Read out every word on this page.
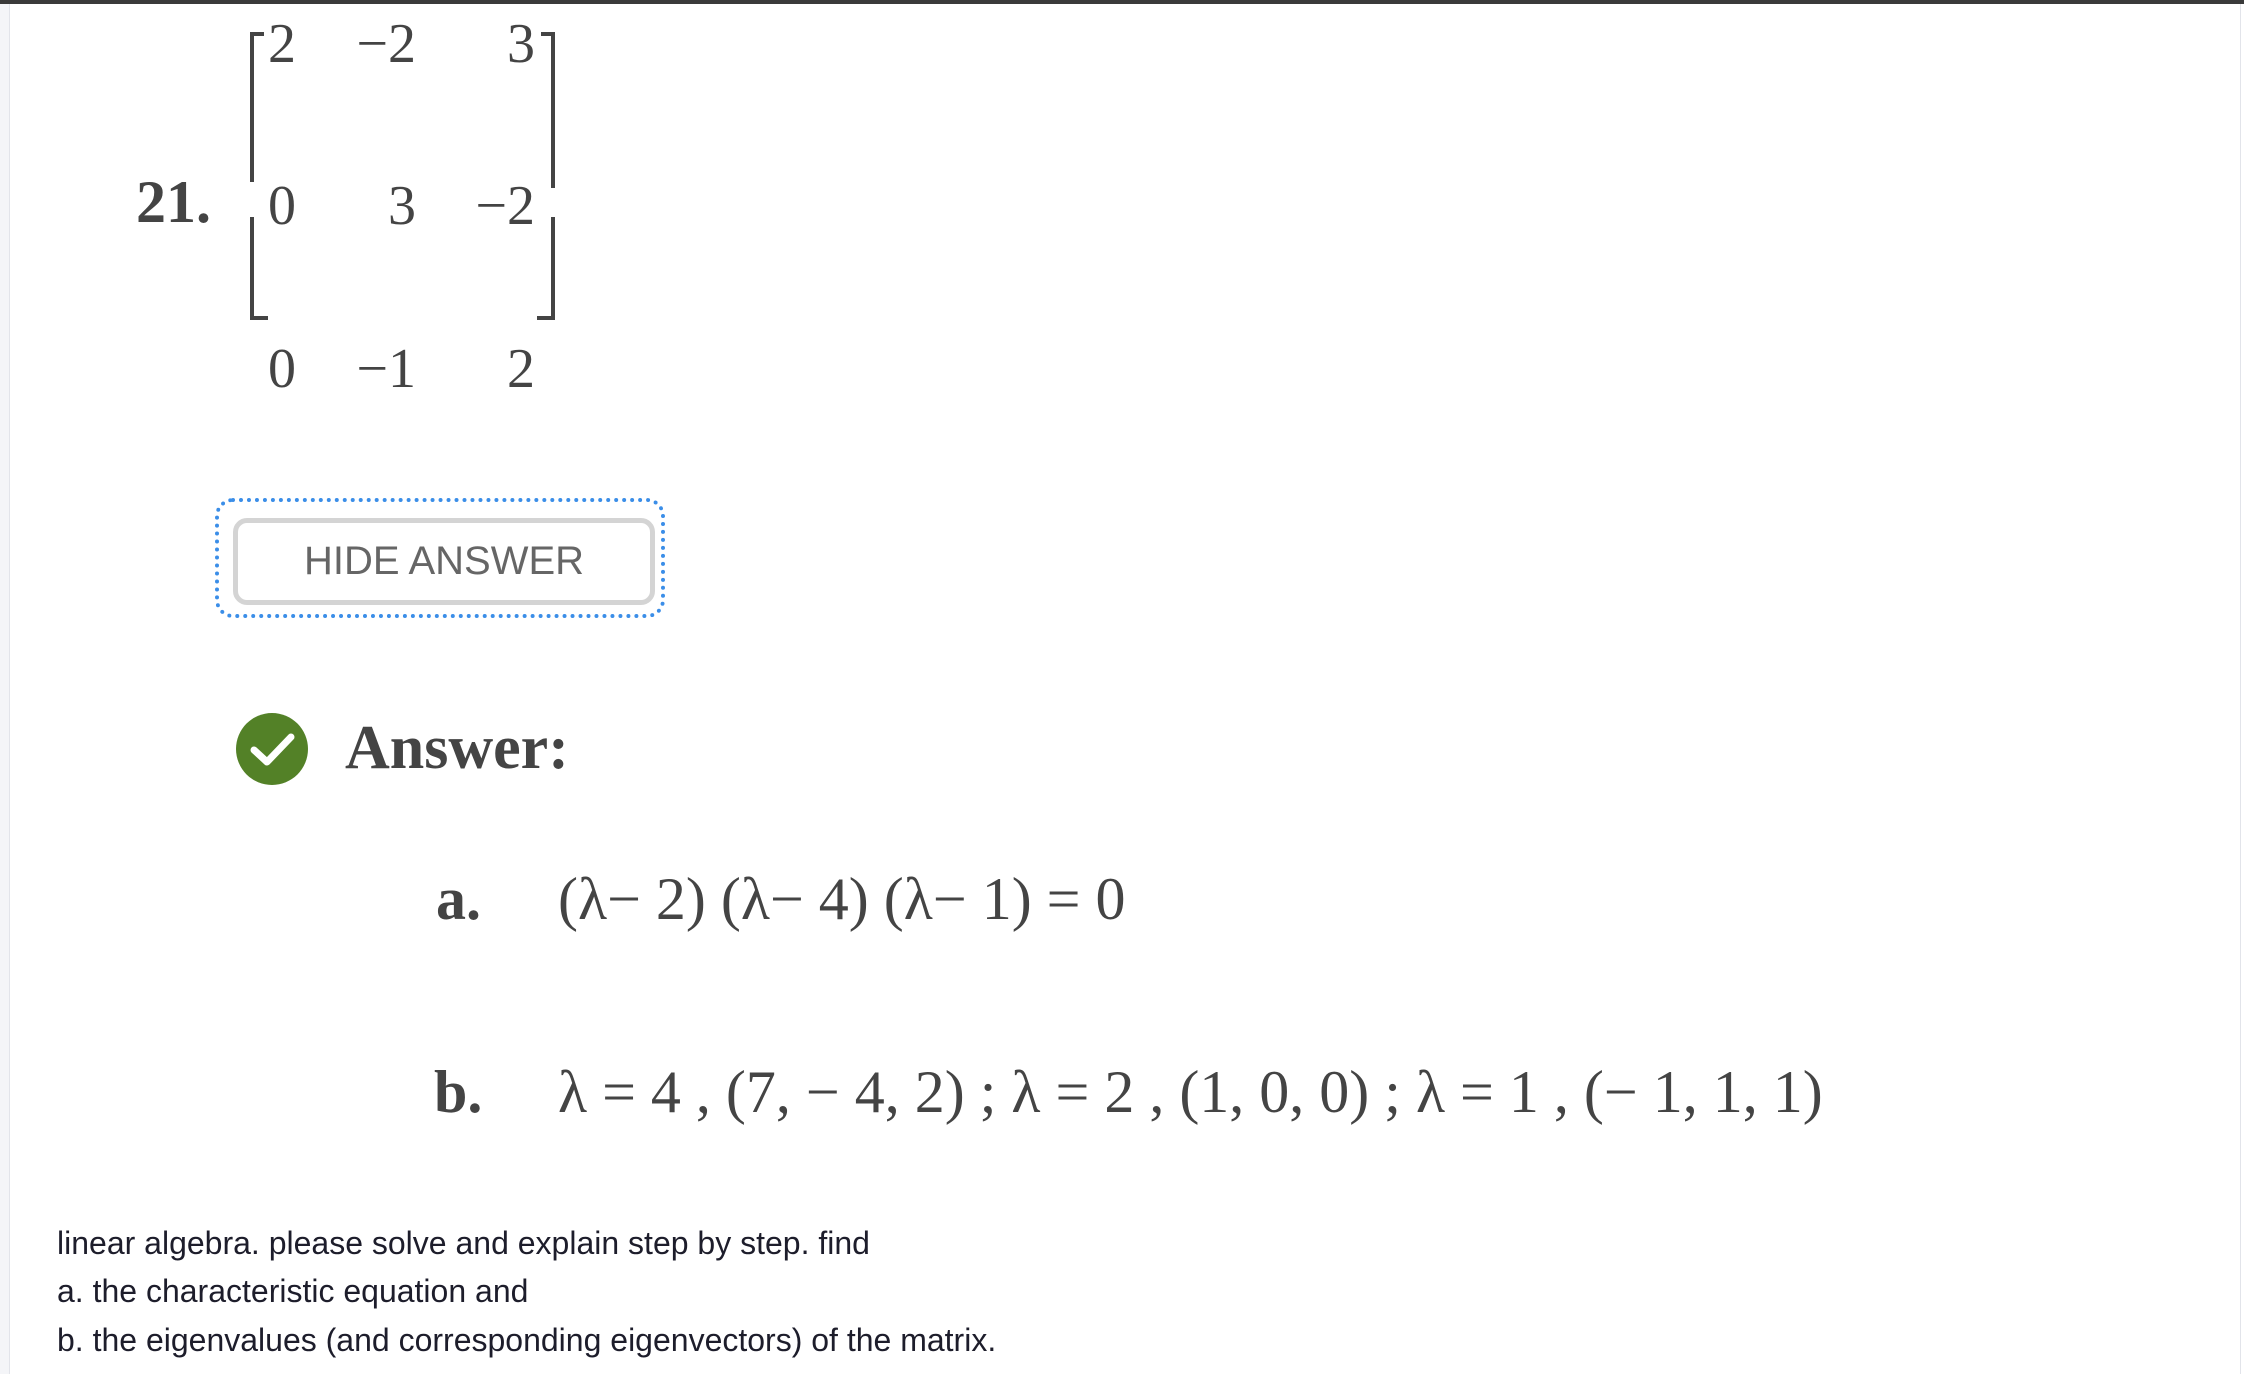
21.
2	−2	3
0	3	−2
0	−1	2
HIDE ANSWER
Answer:
a. (λ− 2) (λ− 4) (λ− 1) = 0
b. λ = 4 , (7, − 4, 2) ; λ = 2 , (1, 0, 0) ; λ = 1 , (− 1, 1, 1)
linear algebra. please solve and explain step by step. find
a. the characteristic equation and
b. the eigenvalues (and corresponding eigenvectors) of the matrix.
